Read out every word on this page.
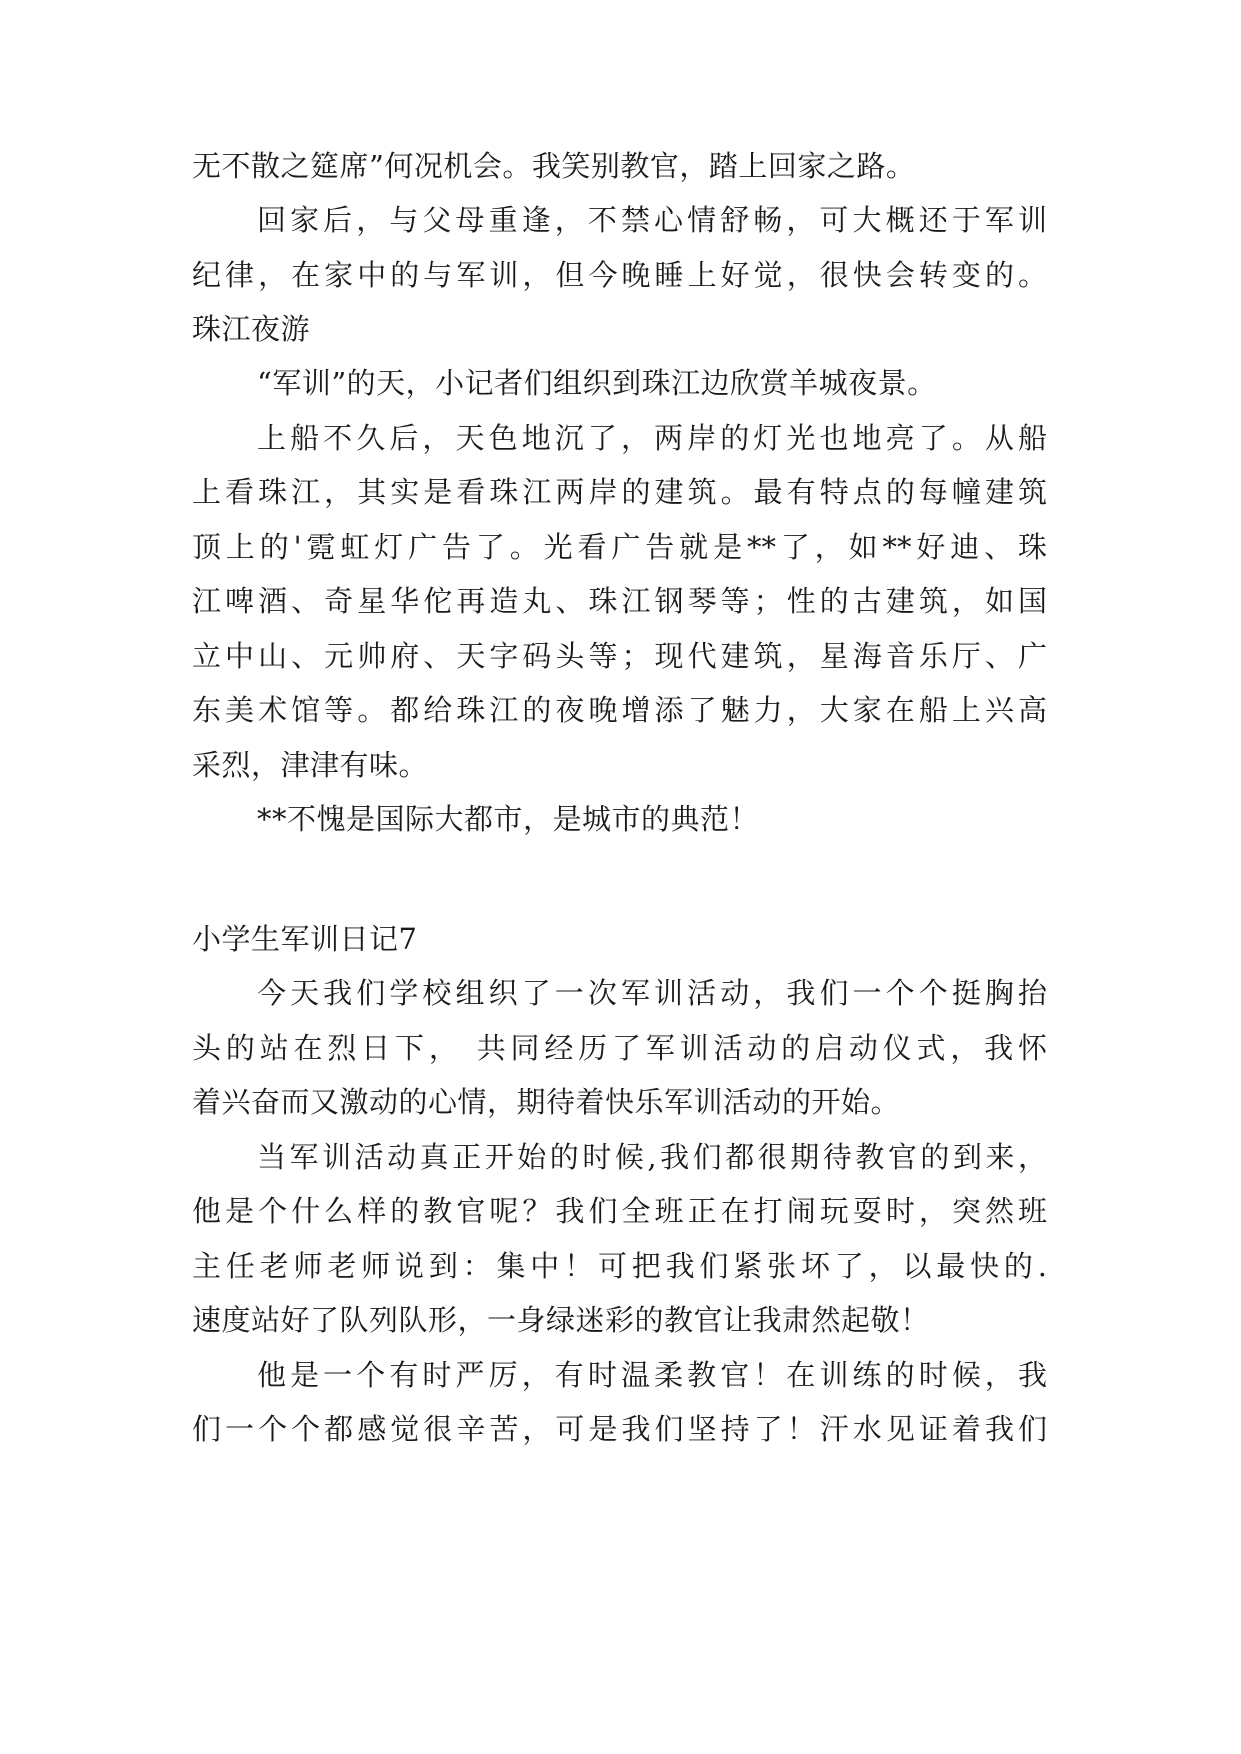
无不散之筵席”何况机会。我笑别教官，踏上回家之路。

回家后，与父母重逢，不禁心情舒畅，可大概还于军训

纪律，在家中的与军训，但今晚睡上好觉，很快会转变的。

珠江夜游

“军训”的天，小记者们组织到珠江边欣赏羊城夜景。

上船不久后，天色地沉了，两岸的灯光也地亮了。从船

上看珠江，其实是看珠江两岸的建筑。最有特点的每幢建筑

顶上的'霓虹灯广告了。光看广告就是**了，如**好迪、珠

江啤酒、奇星华佗再造丸、珠江钢琴等；性的古建筑，如国

立中山、元帅府、天字码头等；现代建筑，星海音乐厅、广

东美术馆等。都给珠江的夜晚增添了魅力，大家在船上兴高

采烈，津津有味。

**不愧是国际大都市，是城市的典范！

小学生军训日记7

今天我们学校组织了一次军训活动，我们一个个挺胸抬

头的站在烈日下， 共同经历了军训活动的启动仪式，我怀

着兴奋而又激动的心情，期待着快乐军训活动的开始。

当军训活动真正开始的时候,我们都很期待教官的到来，

他是个什么样的教官呢？我们全班正在打闹玩耍时，突然班

主任老师老师说到：集中！可把我们紧张坏了，以最快的.

速度站好了队列队形，一身绿迷彩的教官让我肃然起敬！

他是一个有时严厉，有时温柔教官！在训练的时候，我

们一个个都感觉很辛苦，可是我们坚持了！汗水见证着我们
